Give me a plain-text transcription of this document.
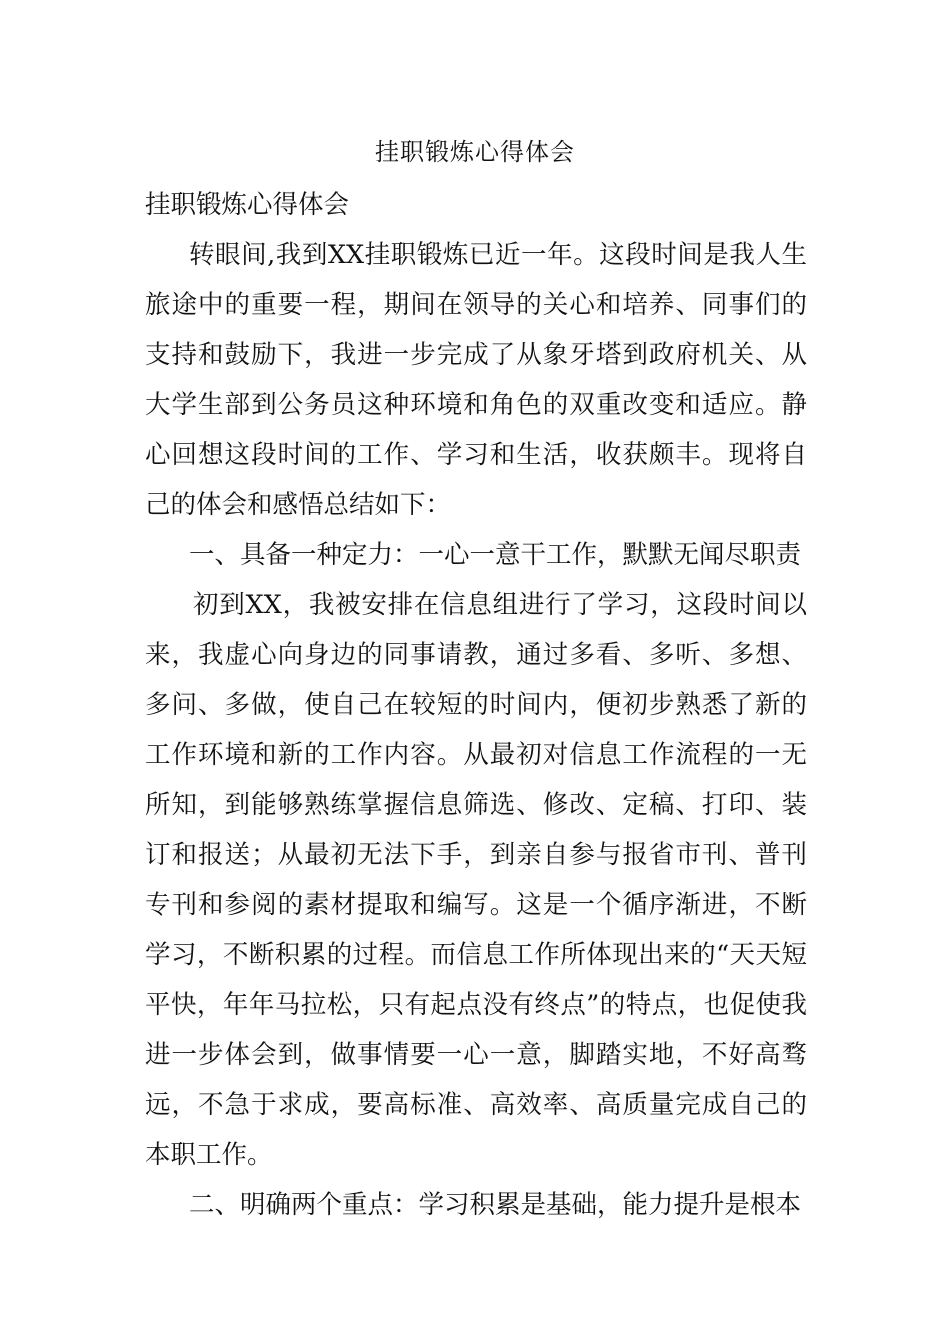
挂职锻炼心得体会

挂职锻炼心得体会

转眼间,我到XX挂职锻炼已近一年。这段时间是我人生旅途中的重要一程，期间在领导的关心和培养、同事们的支持和鼓励下，我进一步完成了从象牙塔到政府机关、从大学生部到公务员这种环境和角色的双重改变和适应。静心回想这段时间的工作、学习和生活，收获颇丰。现将自己的体会和感悟总结如下：

一、具备一种定力：一心一意干工作，默默无闻尽职责

初到XX，我被安排在信息组进行了学习，这段时间以来，我虚心向身边的同事请教，通过多看、多听、多想、多问、多做，使自己在较短的时间内，便初步熟悉了新的工作环境和新的工作内容。从最初对信息工作流程的一无所知，到能够熟练掌握信息筛选、修改、定稿、打印、装订和报送；从最初无法下手，到亲自参与报省市刊、普刊专刊和参阅的素材提取和编写。这是一个循序渐进，不断学习，不断积累的过程。而信息工作所体现出来的“天天短平快，年年马拉松，只有起点没有终点”的特点，也促使我进一步体会到，做事情要一心一意，脚踏实地，不好高骛远，不急于求成，要高标准、高效率、高质量完成自己的本职工作。

二、明确两个重点：学习积累是基础，能力提升是根本
